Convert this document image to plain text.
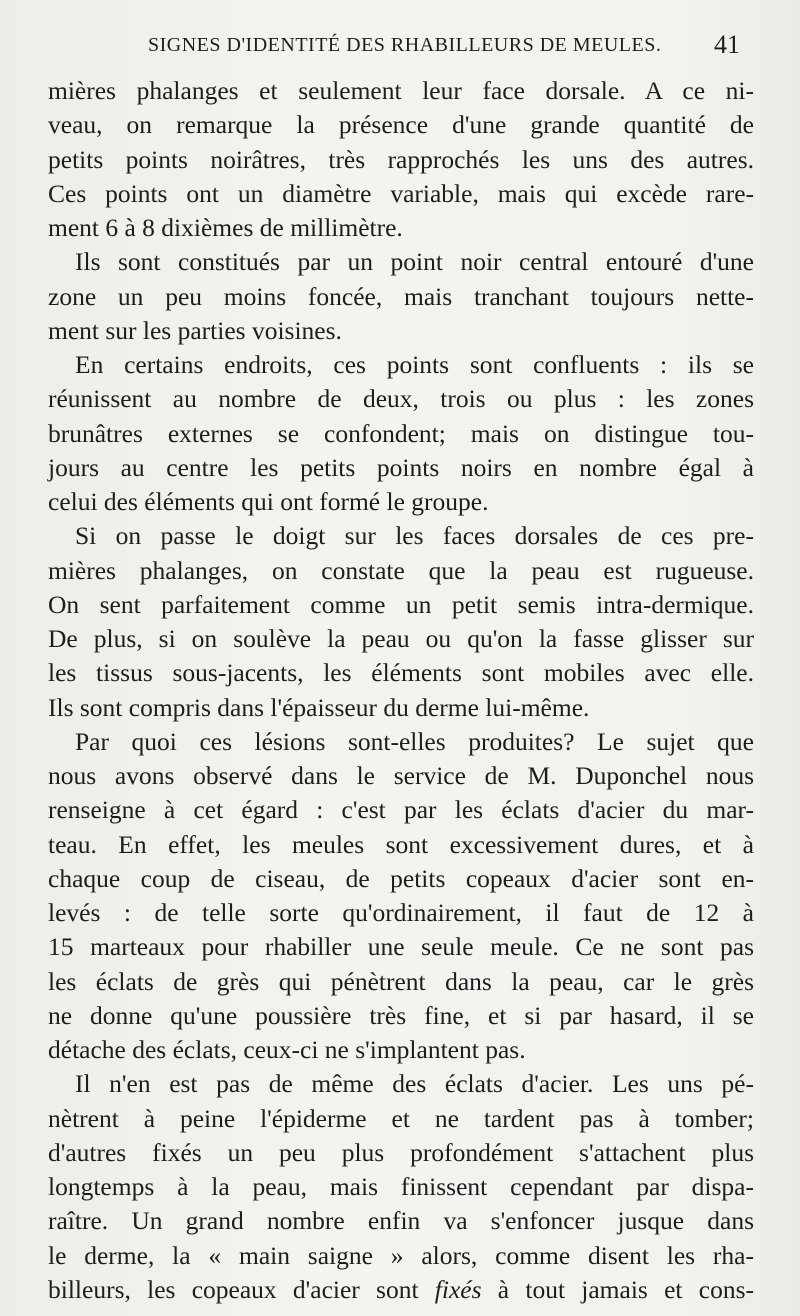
SIGNES D'IDENTITÉ DES RHABILLEURS DE MEULES. 41
mières phalanges et seulement leur face dorsale. A ce ni-
veau, on remarque la présence d'une grande quantité de
petits points noirâtres, très rapprochés les uns des autres.
Ces points ont un diamètre variable, mais qui excède rare-
ment 6 à 8 dixièmes de millimètre.
Ils sont constitués par un point noir central entouré d'une
zone un peu moins foncée, mais tranchant toujours nette-
ment sur les parties voisines.
En certains endroits, ces points sont confluents : ils se
réunissent au nombre de deux, trois ou plus : les zones
brunâtres externes se confondent; mais on distingue tou-
jours au centre les petits points noirs en nombre égal à
celui des éléments qui ont formé le groupe.
Si on passe le doigt sur les faces dorsales de ces pre-
mières phalanges, on constate que la peau est rugueuse.
On sent parfaitement comme un petit semis intra-dermique.
De plus, si on soulève la peau ou qu'on la fasse glisser sur
les tissus sous-jacents, les éléments sont mobiles avec elle.
Ils sont compris dans l'épaisseur du derme lui-même.
Par quoi ces lésions sont-elles produites? Le sujet que
nous avons observé dans le service de M. Duponchel nous
renseigne à cet égard : c'est par les éclats d'acier du mar-
teau. En effet, les meules sont excessivement dures, et à
chaque coup de ciseau, de petits copeaux d'acier sont en-
levés : de telle sorte qu'ordinairement, il faut de 12 à
15 marteaux pour rhabiller une seule meule. Ce ne sont pas
les éclats de grès qui pénètrent dans la peau, car le grès
ne donne qu'une poussière très fine, et si par hasard, il se
détache des éclats, ceux-ci ne s'implantent pas.
Il n'en est pas de même des éclats d'acier. Les uns pé-
nètrent à peine l'épiderme et ne tardent pas à tomber;
d'autres fixés un peu plus profondément s'attachent plus
longtemps à la peau, mais finissent cependant par dispa-
raître. Un grand nombre enfin va s'enfoncer jusque dans
le derme, la « main saigne » alors, comme disent les rha-
billeurs, les copeaux d'acier sont fixés à tout jamais et cons-
